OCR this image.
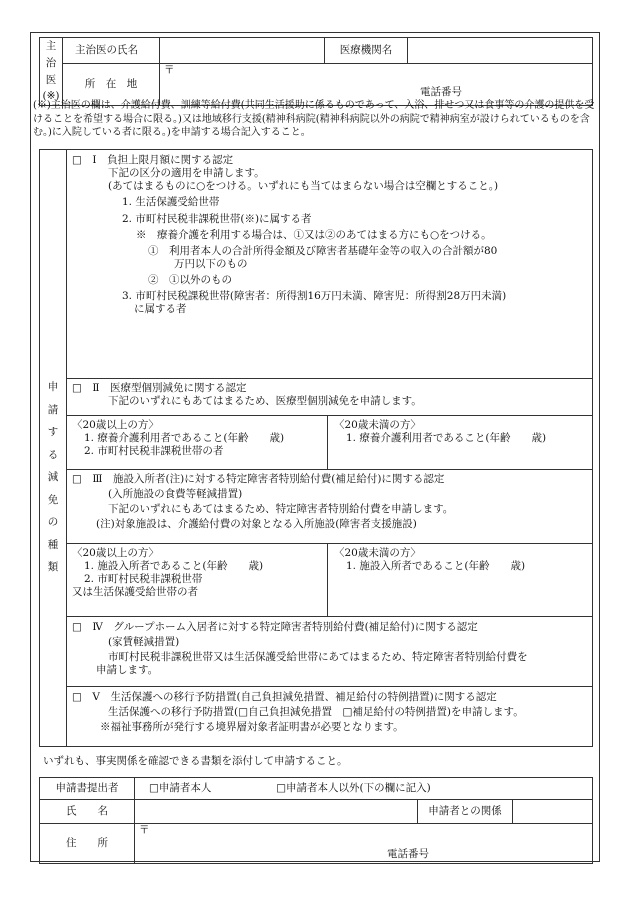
主
治
医
(※)	主治医の氏名		医療機関名	
	所　在　地	〒
電話番号		
(※)主治医の欄は、介護給付費、訓練等給付費(共同生活援助に係るものであって、入浴、排せつ又は食事等の介護の提供を受けることを希望する場合に限る。)又は地域移行支援(精神科病院(精神科病院以外の病院で精神病室が設けられているものを含む。)に入院している者に限る。)を申請する場合記入すること。
申
請
す
る
減
免
の
種
類
□　 Ⅰ　負担上限月額に関する認定
下記の区分の適用を申請します。
(あてはまるものに○をつける。いずれにも当てはまらない場合は空欄とすること。)
1. 生活保護受給世帯
2. 市町村民税非課税世帯(※)に属する者
※　療養介護を利用する場合は、①又は②のあてはまる方にも○をつける。
①　利用者本人の合計所得金額及び障害者基礎年金等の収入の合計額が80
万円以下のもの
②　①以外のもの
3. 市町村民税課税世帯(障害者：所得割16万円未満、障害児：所得割28万円未満)
に属する者
□　 Ⅱ　医療型個別減免に関する認定
下記のいずれにもあてはまるため、医療型個別減免を申請します。
〈20歳以上の方〉
1. 療養介護利用者であること(年齢　　歳)
2. 市町村民税非課税世帯の者
〈20歳未満の方〉
1. 療養介護利用者であること(年齢　　歳)
□　 Ⅲ　施設入所者(注)に対する特定障害者特別給付費(補足給付)に関する認定
(入所施設の食費等軽減措置)
下記のいずれにもあてはまるため、特定障害者特別給付費を申請します。
(注)対象施設は、介護給付費の対象となる入所施設(障害者支援施設)
〈20歳以上の方〉
1. 施設入所者であること(年齢　　歳)
2. 市町村民税非課税世帯
又は生活保護受給世帯の者
〈20歳未満の方〉
1. 施設入所者であること(年齢　　歳)
□　 Ⅳ　グループホーム入居者に対する特定障害者特別給付費(補足給付)に関する認定
(家賃軽減措置)
市町村民税非課税世帯又は生活保護受給世帯にあてはまるため、特定障害者特別給付費を
申請します。
□　 Ⅴ　生活保護への移行予防措置(自己負担減免措置、補足給付の特例措置)に関する認定
生活保護への移行予防措置(□自己負担減免措置　□補足給付の特例措置)を申請します。
※福祉事務所が発行する境界層対象者証明書が必要となります。
いずれも、事実関係を確認できる書類を添付して申請すること。
申請書提出者	□申請者本人 □申請者本人以外(下の欄に記入)		
氏　　名		申請者との関係	
住　　所	〒
電話番号		
